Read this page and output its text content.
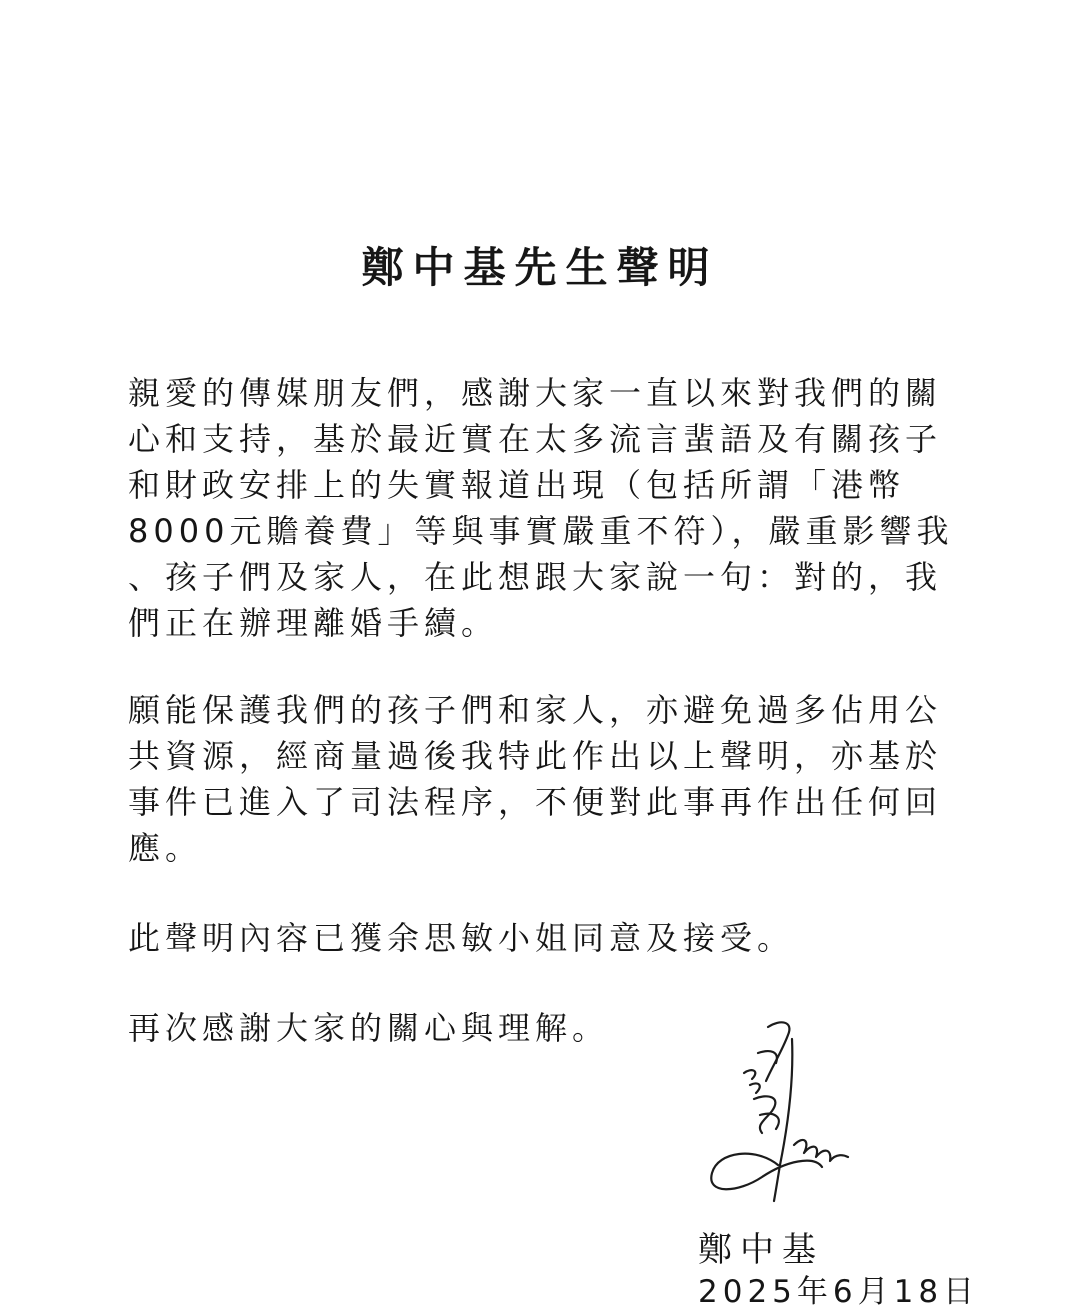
鄭中基先生聲明

親愛的傳媒朋友們，感謝大家一直以來對我們的關
心和支持，基於最近實在太多流言蜚語及有關孩子
和財政安排上的失實報道出現（包括所謂「港幣
8000元贍養費」等與事實嚴重不符），嚴重影響我
、孩子們及家人，在此想跟大家說一句：對的，我
們正在辦理離婚手續。

願能保護我們的孩子們和家人，亦避免過多佔用公
共資源，經商量過後我特此作出以上聲明，亦基於
事件已進入了司法程序，不便對此事再作出任何回
應。

此聲明內容已獲余思敏小姐同意及接受。

再次感謝大家的關心與理解。

鄭中基
2025年6月18日
